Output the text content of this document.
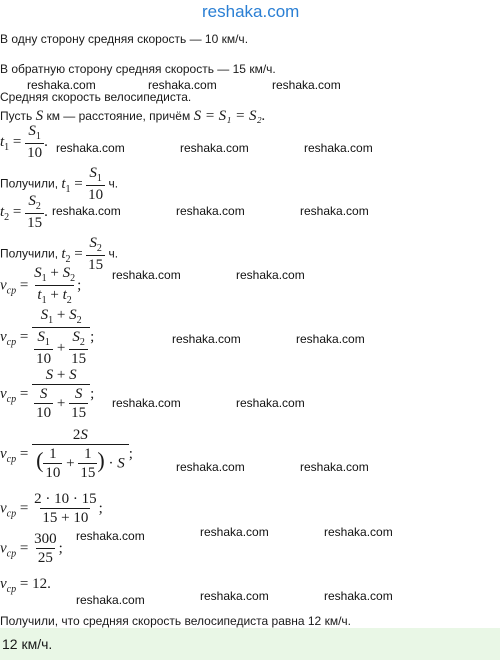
reshaka.com
В одну сторону средняя скорость — 10 км/ч.
В обратную сторону средняя скорость — 15 км/ч.
reshaka.com	reshaka.com	reshaka.com
Средняя скорость велосипедиста.
Пусть S км — расстояние, причём S = S₁ = S₂.
$t_1 = \frac{S_1}{10}$ . reshaka.com	reshaka.com	reshaka.com
Получили, $t_1 = \frac{S_1}{10} ч$.
$t_2 = \frac{S_2}{15}$ . reshaka.com	reshaka.com	reshaka.com
Получили, $t_2 = \frac{S_2}{15} ч$.
$v_{cp} = \frac{S_1 + S_2}{t_1 + t_2}$ ;
reshaka.com	reshaka.com
$v_{cp} = \frac{S_1 + S_2}{\frac{S_1}{10} + \frac{S_2}{15}}$ ;	reshaka.com	reshaka.com
$v_{cp} = \frac{S + S}{\frac{S}{10} + \frac{S}{15}}$ ;
reshaka.com	reshaka.com
$v_{cp} = \frac{2S}{( \frac{1}{10} + \frac{1}{15} ) \cdot S}$ ;
reshaka.com	reshaka.com
$v_{cp} = \frac{2 \cdot 10 \cdot 15}{15 + 10}$ ;
reshaka.com	reshaka.com
$v_{cp} = \frac{300}{25}$ ;
reshaka.com
$v_{cp} = 12$.
reshaka.com	reshaka.com	reshaka.com
Получили, что средняя скорость велосипедиста равна 12 км/ч.
12 км/ч.
